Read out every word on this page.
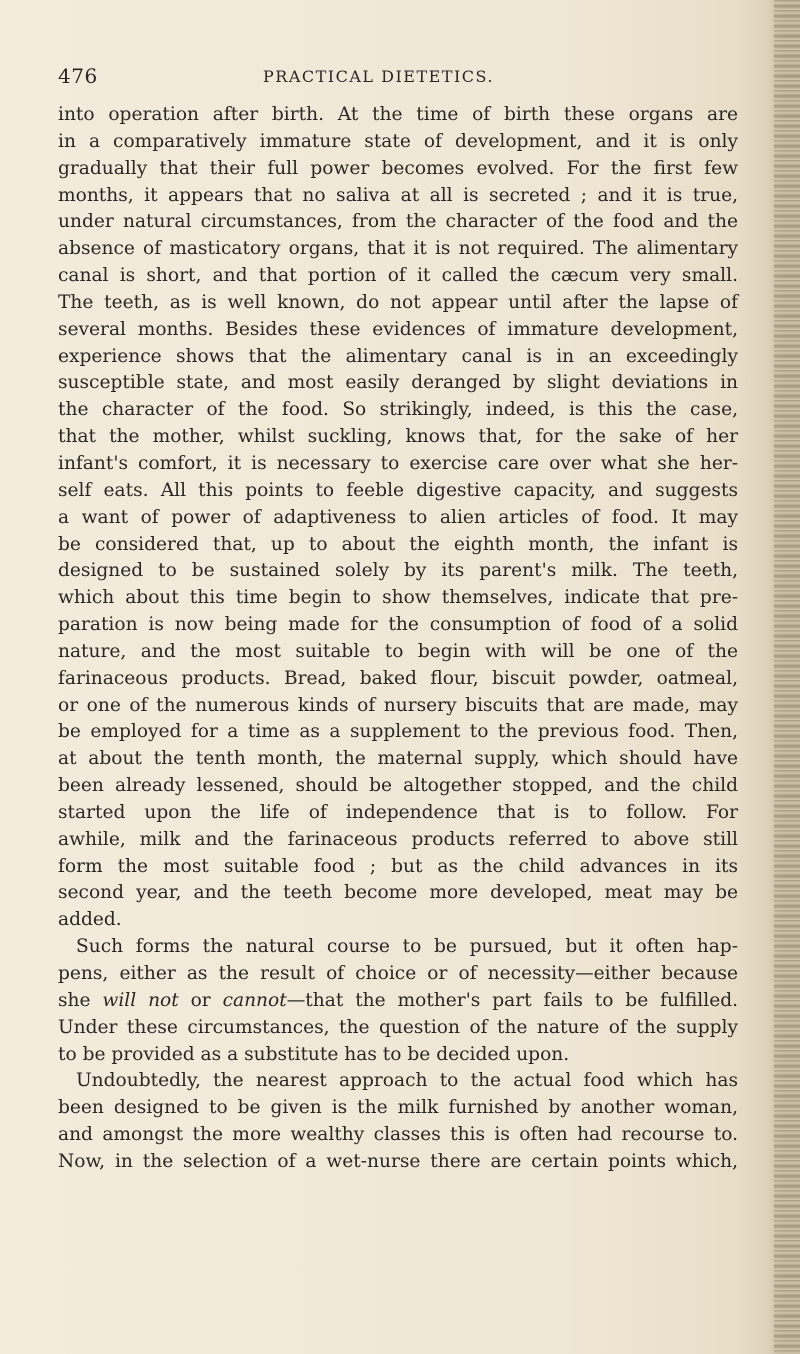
476	PRACTICAL DIETETICS.
into operation after birth. At the time of birth these organs are
in a comparatively immature state of development, and it is only
gradually that their full power becomes evolved. For the first few
months, it appears that no saliva at all is secreted ; and it is true,
under natural circumstances, from the character of the food and the
absence of masticatory organs, that it is not required. The alimentary
canal is short, and that portion of it called the cæcum very small.
The teeth, as is well known, do not appear until after the lapse of
several months. Besides these evidences of immature development,
experience shows that the alimentary canal is in an exceedingly
susceptible state, and most easily deranged by slight deviations in
the character of the food. So strikingly, indeed, is this the case,
that the mother, whilst suckling, knows that, for the sake of her
infant's comfort, it is necessary to exercise care over what she her-
self eats. All this points to feeble digestive capacity, and suggests
a want of power of adaptiveness to alien articles of food. It may
be considered that, up to about the eighth month, the infant is
designed to be sustained solely by its parent's milk. The teeth,
which about this time begin to show themselves, indicate that pre-
paration is now being made for the consumption of food of a solid
nature, and the most suitable to begin with will be one of the
farinaceous products. Bread, baked flour, biscuit powder, oatmeal,
or one of the numerous kinds of nursery biscuits that are made, may
be employed for a time as a supplement to the previous food. Then,
at about the tenth month, the maternal supply, which should have
been already lessened, should be altogether stopped, and the child
started upon the life of independence that is to follow. For
awhile, milk and the farinaceous products referred to above still
form the most suitable food ; but as the child advances in its
second year, and the teeth become more developed, meat may be
added.
Such forms the natural course to be pursued, but it often hap-
pens, either as the result of choice or of necessity—either because
she will not or cannot—that the mother's part fails to be fulfilled.
Under these circumstances, the question of the nature of the supply
to be provided as a substitute has to be decided upon.
Undoubtedly, the nearest approach to the actual food which has
been designed to be given is the milk furnished by another woman,
and amongst the more wealthy classes this is often had recourse to.
Now, in the selection of a wet-nurse there are certain points which,
